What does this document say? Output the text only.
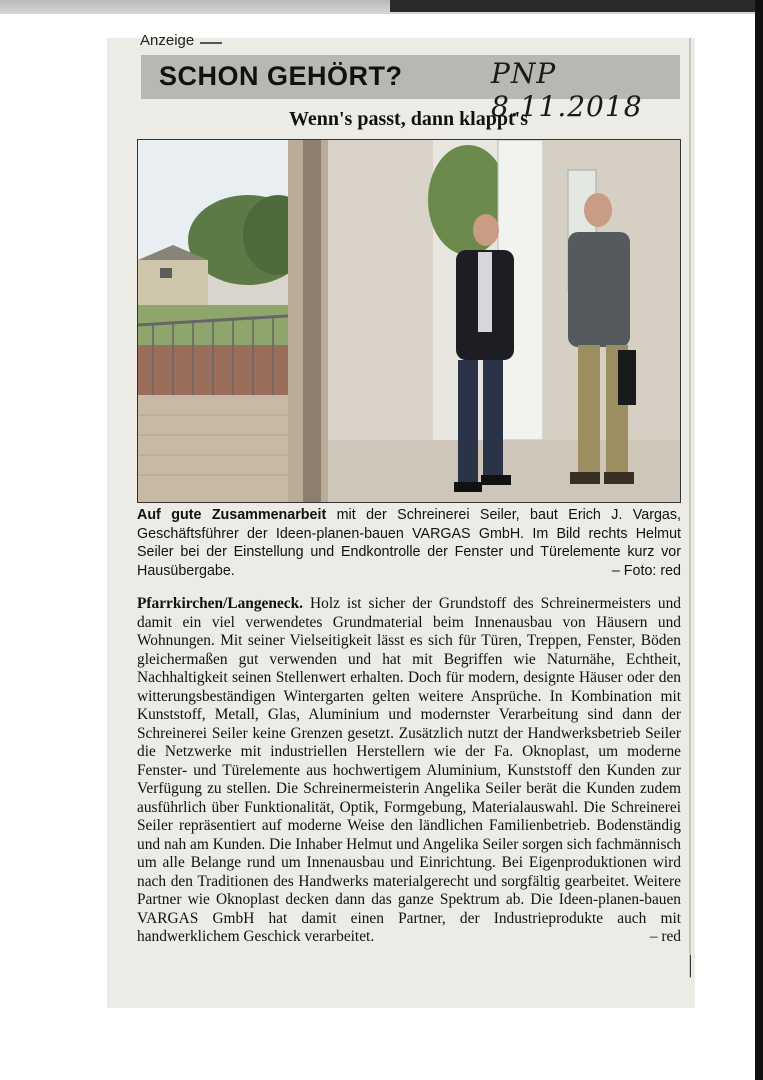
Anzeige
SCHON GEHÖRT?	PNP 8.11.2018
Wenn's passt, dann klappt's
Auf gute Zusammenarbeit mit der Schreinerei Seiler, baut Erich J. Vargas, Geschäftsführer der Ideen-planen-bauen VARGAS GmbH. Im Bild rechts Helmut Seiler bei der Einstellung und Endkontrolle der Fenster und Türelemente kurz vor Hausübergabe.	– Foto: red
Pfarrkirchen/Langeneck. Holz ist sicher der Grundstoff des Schreinermeisters und damit ein viel verwendetes Grundmaterial beim Innenausbau von Häusern und Wohnungen. Mit seiner Vielseitigkeit lässt es sich für Türen, Treppen, Fenster, Böden gleichermaßen gut verwenden und hat mit Begriffen wie Naturnähe, Echtheit, Nachhaltigkeit seinen Stellenwert erhalten. Doch für modern, designte Häuser oder den witterungsbeständigen Wintergarten gelten weitere Ansprüche. In Kombination mit Kunststoff, Metall, Glas, Aluminium und modernster Verarbeitung sind dann der Schreinerei Seiler keine Grenzen gesetzt. Zusätzlich nutzt der Handwerksbetrieb Seiler die Netzwerke mit industriellen Herstellern wie der Fa. Oknoplast, um moderne Fenster- und Türelemente aus hochwertigem Aluminium, Kunststoff den Kunden zur Verfügung zu stellen. Die Schreinermeisterin Angelika Seiler berät die Kunden zudem ausführlich über Funktionalität, Optik, Formgebung, Materialauswahl. Die Schreinerei Seiler repräsentiert auf moderne Weise den ländlichen Familienbetrieb. Bodenständig und nah am Kunden. Die Inhaber Helmut und Angelika Seiler sorgen sich fachmännisch um alle Belange rund um Innenausbau und Einrichtung. Bei Eigenproduktionen wird nach den Traditionen des Handwerks materialgerecht und sorgfältig gearbeitet. Weitere Partner wie Oknoplast decken dann das ganze Spektrum ab. Die Ideen-planen-bauen VARGAS GmbH hat damit einen Partner, der Industrieprodukte auch mit handwerklichem Geschick verarbeitet.	– red
